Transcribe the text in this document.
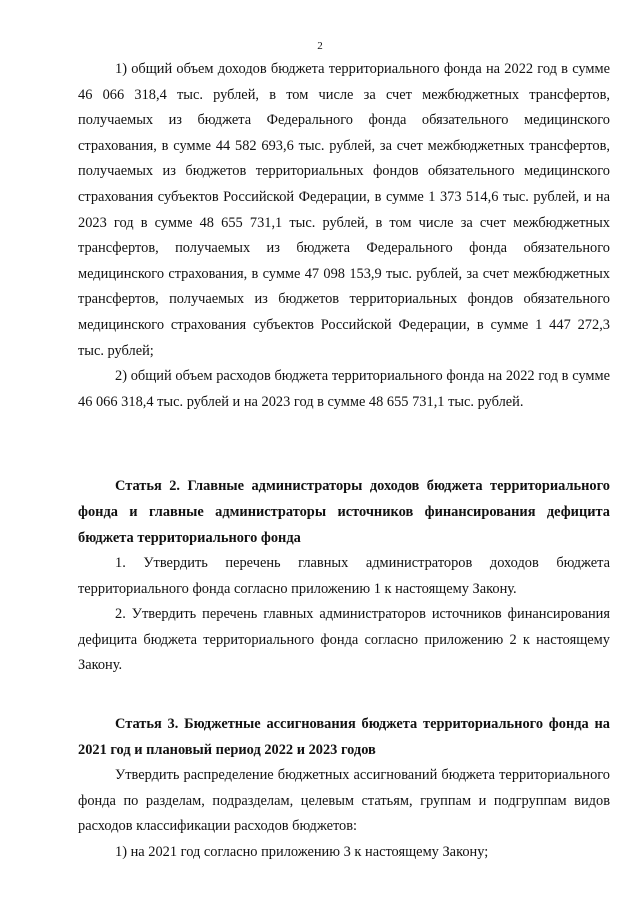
2

1) общий объем доходов бюджета территориального фонда на 2022 год в сумме 46 066 318,4 тыс. рублей, в том числе за счет межбюджетных трансфертов, получаемых из бюджета Федерального фонда обязательного медицинского страхования, в сумме 44 582 693,6 тыс. рублей, за счет межбюджетных трансфертов, получаемых из бюджетов территориальных фондов обязательного медицинского страхования субъектов Российской Федерации, в сумме 1 373 514,6 тыс. рублей, и на 2023 год в сумме 48 655 731,1 тыс. рублей, в том числе за счет межбюджетных трансфертов, получаемых из бюджета Федерального фонда обязательного медицинского страхования, в сумме 47 098 153,9 тыс. рублей, за счет межбюджетных трансфертов, получаемых из бюджетов территориальных фондов обязательного медицинского страхования субъектов Российской Федерации, в сумме 1 447 272,3 тыс. рублей;

2) общий объем расходов бюджета территориального фонда на 2022 год в сумме 46 066 318,4 тыс. рублей и на 2023 год в сумме 48 655 731,1 тыс. рублей.

Статья 2. Главные администраторы доходов бюджета территориального фонда и главные администраторы источников финансирования дефицита бюджета территориального фонда

1. Утвердить перечень главных администраторов доходов бюджета территориального фонда согласно приложению 1 к настоящему Закону.

2. Утвердить перечень главных администраторов источников финансирования дефицита бюджета территориального фонда согласно приложению 2 к настоящему Закону.

Статья 3. Бюджетные ассигнования бюджета территориального фонда на 2021 год и плановый период 2022 и 2023 годов

Утвердить распределение бюджетных ассигнований бюджета территориального фонда по разделам, подразделам, целевым статьям, группам и подгруппам видов расходов классификации расходов бюджетов:

1) на 2021 год согласно приложению 3 к настоящему Закону;
